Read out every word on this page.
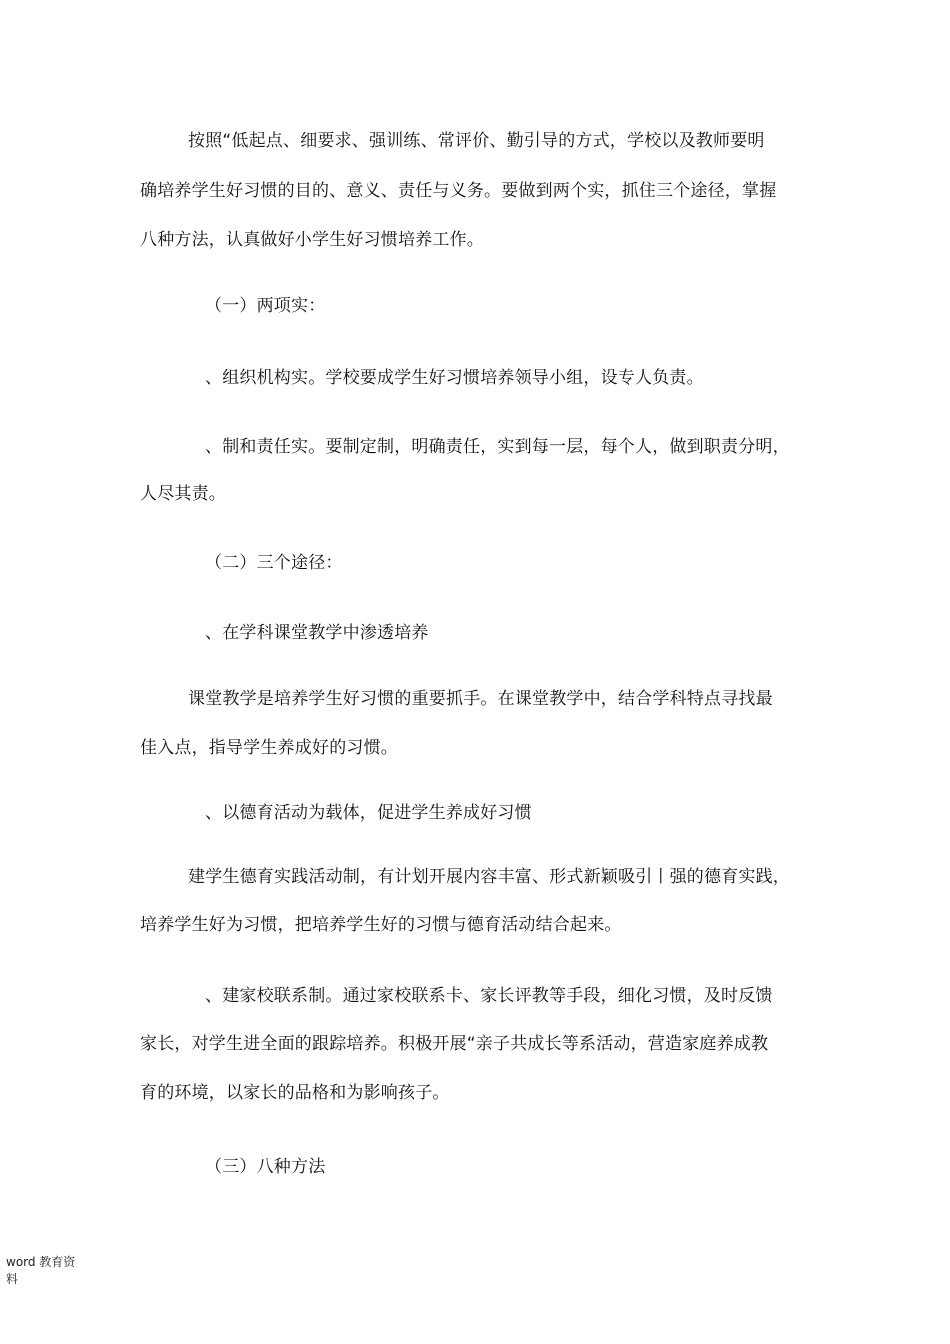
按照“低起点、细要求、强训练、常评价、勤引导的方式，学校以及教师要明
确培养学生好习惯的目的、意义、责任与义务。要做到两个实，抓住三个途径，掌握
八种方法，认真做好小学生好习惯培养工作。
（一）两项实：
、组织机构实。学校要成学生好习惯培养领导小组，设专人负责。
、制和责任实。要制定制，明确责任，实到每一层，每个人，做到职责分明，
人尽其责。
（二）三个途径：
、在学科课堂教学中渗透培养
课堂教学是培养学生好习惯的重要抓手。在课堂教学中，结合学科特点寻找最
佳入点，指导学生养成好的习惯。
、以德育活动为载体，促进学生养成好习惯
建学生德育实践活动制，有计划开展内容丰富、形式新颖吸引丨强的德育实践，
培养学生好为习惯，把培养学生好的习惯与德育活动结合起来。
、建家校联系制。通过家校联系卡、家长评教等手段，细化习惯，及时反馈
家长，对学生进全面的跟踪培养。积极开展“亲子共成长等系活动，营造家庭养成教
育的环境，以家长的品格和为影响孩子。
（三）八种方法
word 教育资料
